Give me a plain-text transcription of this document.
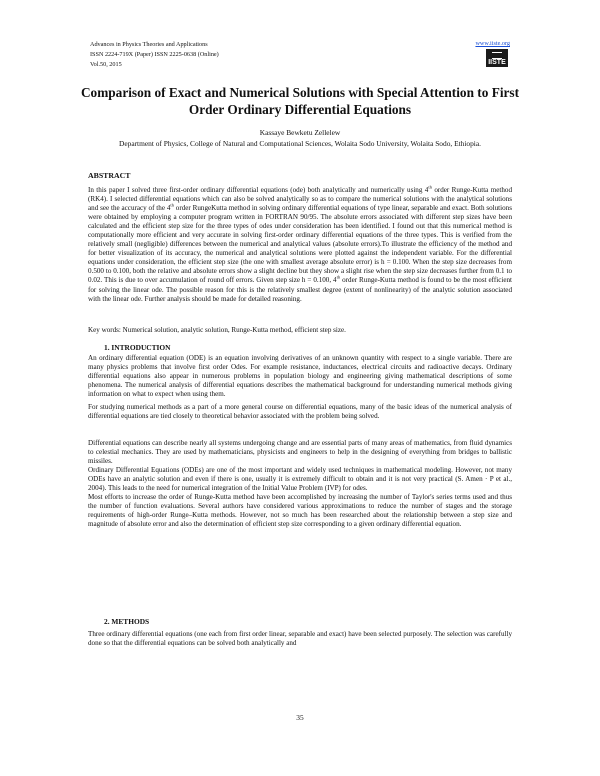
Advances in Physics Theories and Applications
ISSN 2224-719X (Paper) ISSN 2225-0638 (Online)
Vol.50, 2015
www.iiste.org
IISTE
Comparison of Exact and Numerical Solutions with Special Attention to First Order Ordinary Differential Equations
Kassaye Bewketu Zellelew
Department of Physics, College of Natural and Computational Sciences, Wolaita Sodo University, Wolaita Sodo, Ethiopia.
ABSTRACT

In this paper I solved three first-order ordinary differential equations (ode) both analytically and numerically using 4th order Runge-Kutta method (RK4). I selected differential equations which can also be solved analytically so as to compare the numerical solutions with the analytical solutions and see the accuracy of the 4th order RungeKutta method in solving ordinary differential equations of type linear, separable and exact. Both solutions were obtained by employing a computer program written in FORTRAN 90/95. The absolute errors associated with different step sizes have been calculated and the efficient step size for the three types of odes under consideration has been identified. I found out that this numerical method is computationally more efficient and very accurate in solving first-order ordinary differential equations of the three types. This is verified from the relatively small (negligible) differences between the numerical and analytical values (absolute errors).To illustrate the efficiency of the method and for better visualization of its accuracy, the numerical and analytical solutions were plotted against the independent variable. For the differential equations under consideration, the efficient step size (the one with smallest average absolute error) is h = 0.100. When the step size decreases from 0.500 to 0.100, both the relative and absolute errors show a slight decline but they show a slight rise when the step size decreases further from 0.1 to 0.02. This is due to over accumulation of round off errors. Given step size h = 0.100, 4th order Runge-Kutta method is found to be the most efficient for solving the linear ode. The possible reason for this is the relatively smallest degree (extent of nonlinearity) of the analytic solution associated with the linear ode. Further analysis should be made for detailed reasoning.

Key words: Numerical solution, analytic solution, Runge-Kutta method, efficient step size.
1. INTRODUCTION

An ordinary differential equation (ODE) is an equation involving derivatives of an unknown quantity with respect to a single variable. There are many physics problems that involve first order Odes. For example resistance, inductances, electrical circuits and radioactive decays. Ordinary differential equations also appear in numerous problems in population biology and engineering giving mathematical descriptions of some phenomena. The numerical analysis of differential equations describes the mathematical background for understanding numerical methods giving information on what to expect when using them.

For studying numerical methods as a part of a more general course on differential equations, many of the basic ideas of the numerical analysis of differential equations are tied closely to theoretical behavior associated with the problem being solved.

Differential equations can describe nearly all systems undergoing change and are essential parts of many areas of mathematics, from fluid dynamics to celestial mechanics. They are used by mathematicians, physicists and engineers to help in the designing of everything from bridges to ballistic missiles.

Ordinary Differential Equations (ODEs) are one of the most important and widely used techniques in mathematical modeling. However, not many ODEs have an analytic solution and even if there is one, usually it is extremely difficult to obtain and it is not very practical (S. Amen · P et al., 2004). This leads to the need for numerical integration of the Initial Value Problem (IVP) for odes.

Most efforts to increase the order of Runge-Kutta method have been accomplished by increasing the number of Taylor's series terms used and thus the number of function evaluations. Several authors have considered various approximations to reduce the number of stages and the storage requirements of high-order Runge–Kutta methods. However, not so much has been researched about the relationship between a step size and magnitude of absolute error and also the determination of efficient step size corresponding to a given ordinary differential equation.

2. METHODS

Three ordinary differential equations (one each from first order linear, separable and exact) have been selected purposely. The selection was carefully done so that the differential equations can be solved both analytically and

35
